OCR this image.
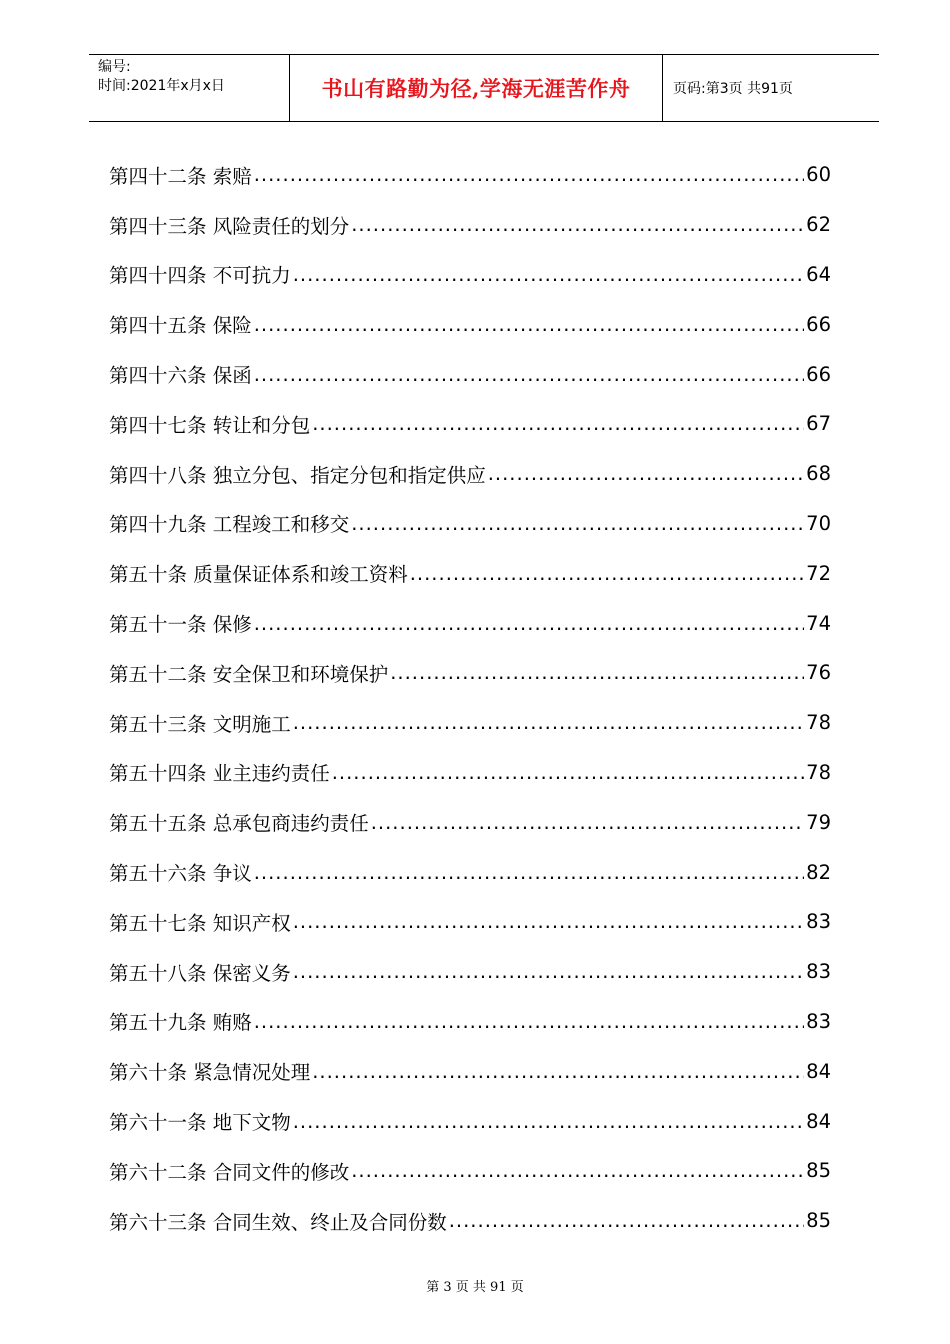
编号:
时间:2021年x月x日	书山有路勤为径,学海无涯苦作舟	页码:第3页 共91页
第四十二条 索赔 .....	60
第四十三条 风险责任的划分 .....	62
第四十四条 不可抗力 .....	64
第四十五条 保险 .....	66
第四十六条 保函 .....	66
第四十七条 转让和分包 .....	67
第四十八条 独立分包、指定分包和指定供应 .....	68
第四十九条 工程竣工和移交 .....	70
第五十条 质量保证体系和竣工资料 .....	72
第五十一条 保修 .....	74
第五十二条 安全保卫和环境保护 .....	76
第五十三条 文明施工 .....	78
第五十四条 业主违约责任 .....	78
第五十五条 总承包商违约责任 .....	79
第五十六条 争议 .....	82
第五十七条 知识产权 .....	83
第五十八条 保密义务 .....	83
第五十九条 贿赂 .....	83
第六十条 紧急情况处理 .....	84
第六十一条 地下文物 .....	84
第六十二条 合同文件的修改 .....	85
第六十三条 合同生效、终止及合同份数 .....	85
第 3 页 共 91 页
